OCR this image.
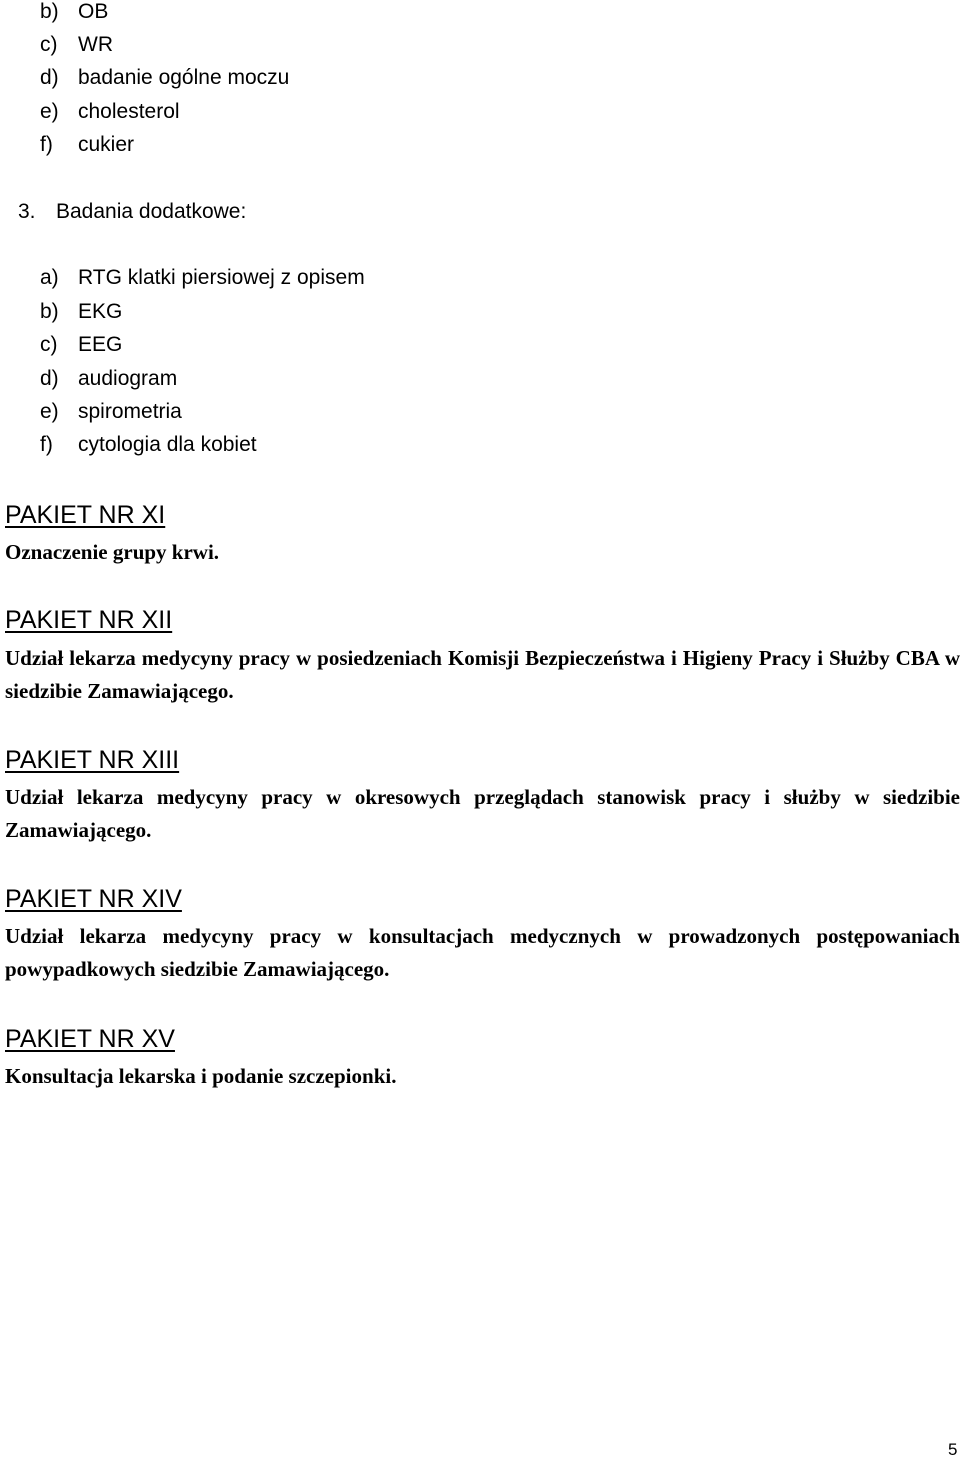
b) OB
c) WR
d) badanie ogólne moczu
e) cholesterol
f) cukier
3. Badania dodatkowe:
a) RTG klatki piersiowej z opisem
b) EKG
c) EEG
d) audiogram
e) spirometria
f) cytologia dla kobiet
PAKIET NR XI
Oznaczenie grupy krwi.
PAKIET NR XII
Udział lekarza medycyny pracy w posiedzeniach Komisji Bezpieczeństwa i Higieny Pracy i Służby CBA w siedzibie Zamawiającego.
PAKIET NR XIII
Udział lekarza medycyny pracy w okresowych przeglądach stanowisk pracy i służby w siedzibie Zamawiającego.
PAKIET NR XIV
Udział lekarza medycyny pracy w konsultacjach medycznych w prowadzonych postępowaniach powypadkowych siedzibie Zamawiającego.
PAKIET NR XV
Konsultacja lekarska i podanie szczepionki.
5
